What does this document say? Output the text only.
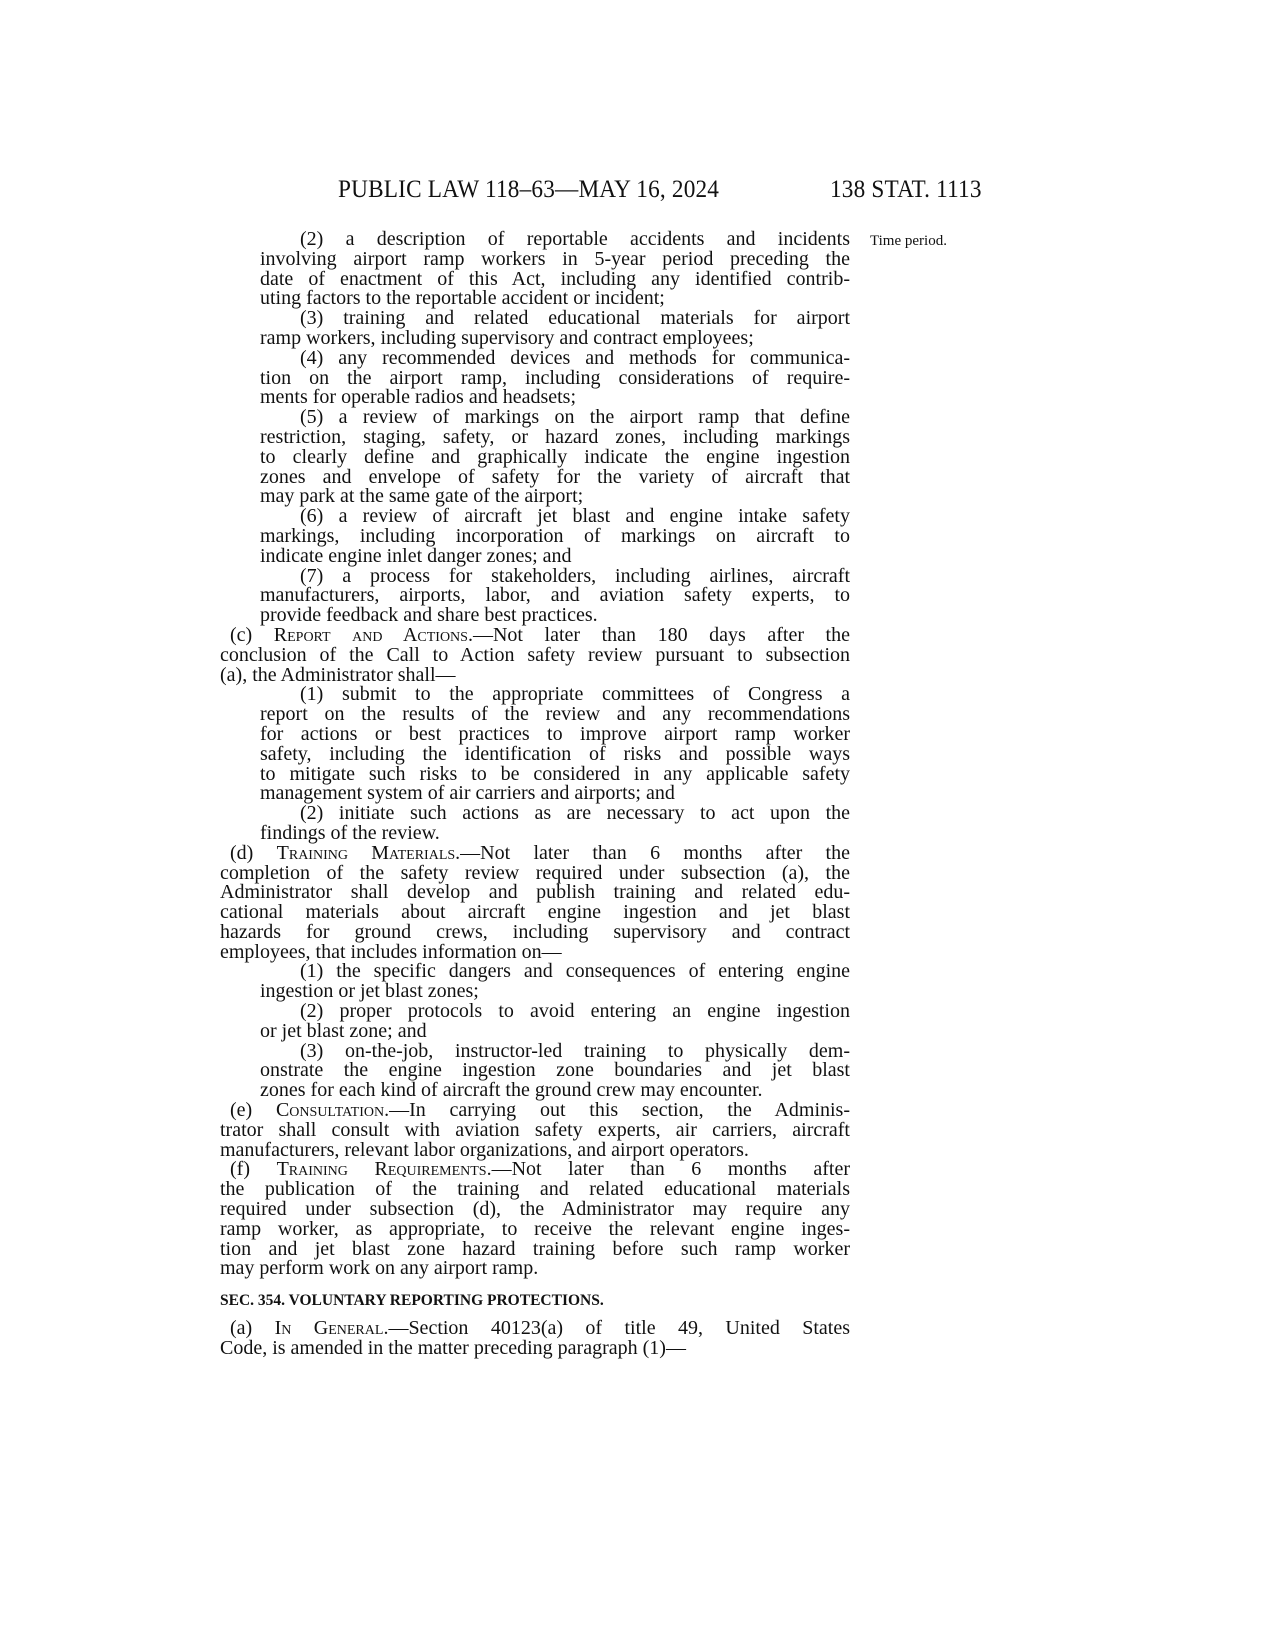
PUBLIC LAW 118–63—MAY 16, 2024	138 STAT. 1113
Time period.
(2) a description of reportable accidents and incidents
involving airport ramp workers in 5-year period preceding the
date of enactment of this Act, including any identified contrib-
uting factors to the reportable accident or incident;
(3) training and related educational materials for airport
ramp workers, including supervisory and contract employees;
(4) any recommended devices and methods for communica-
tion on the airport ramp, including considerations of require-
ments for operable radios and headsets;
(5) a review of markings on the airport ramp that define
restriction, staging, safety, or hazard zones, including markings
to clearly define and graphically indicate the engine ingestion
zones and envelope of safety for the variety of aircraft that
may park at the same gate of the airport;
(6) a review of aircraft jet blast and engine intake safety
markings, including incorporation of markings on aircraft to
indicate engine inlet danger zones; and
(7) a process for stakeholders, including airlines, aircraft
manufacturers, airports, labor, and aviation safety experts, to
provide feedback and share best practices.
(c) Report and Actions.—Not later than 180 days after the
conclusion of the Call to Action safety review pursuant to subsection
(a), the Administrator shall—
(1) submit to the appropriate committees of Congress a
report on the results of the review and any recommendations
for actions or best practices to improve airport ramp worker
safety, including the identification of risks and possible ways
to mitigate such risks to be considered in any applicable safety
management system of air carriers and airports; and
(2) initiate such actions as are necessary to act upon the
findings of the review.
(d) Training Materials.—Not later than 6 months after the
completion of the safety review required under subsection (a), the
Administrator shall develop and publish training and related edu-
cational materials about aircraft engine ingestion and jet blast
hazards for ground crews, including supervisory and contract
employees, that includes information on—
(1) the specific dangers and consequences of entering engine
ingestion or jet blast zones;
(2) proper protocols to avoid entering an engine ingestion
or jet blast zone; and
(3) on-the-job, instructor-led training to physically dem-
onstrate the engine ingestion zone boundaries and jet blast
zones for each kind of aircraft the ground crew may encounter.
(e) Consultation.—In carrying out this section, the Adminis-
trator shall consult with aviation safety experts, air carriers, aircraft
manufacturers, relevant labor organizations, and airport operators.
(f) Training Requirements.—Not later than 6 months after
the publication of the training and related educational materials
required under subsection (d), the Administrator may require any
ramp worker, as appropriate, to receive the relevant engine inges-
tion and jet blast zone hazard training before such ramp worker
may perform work on any airport ramp.
SEC. 354. VOLUNTARY REPORTING PROTECTIONS.
(a) In General.—Section 40123(a) of title 49, United States
Code, is amended in the matter preceding paragraph (1)—
